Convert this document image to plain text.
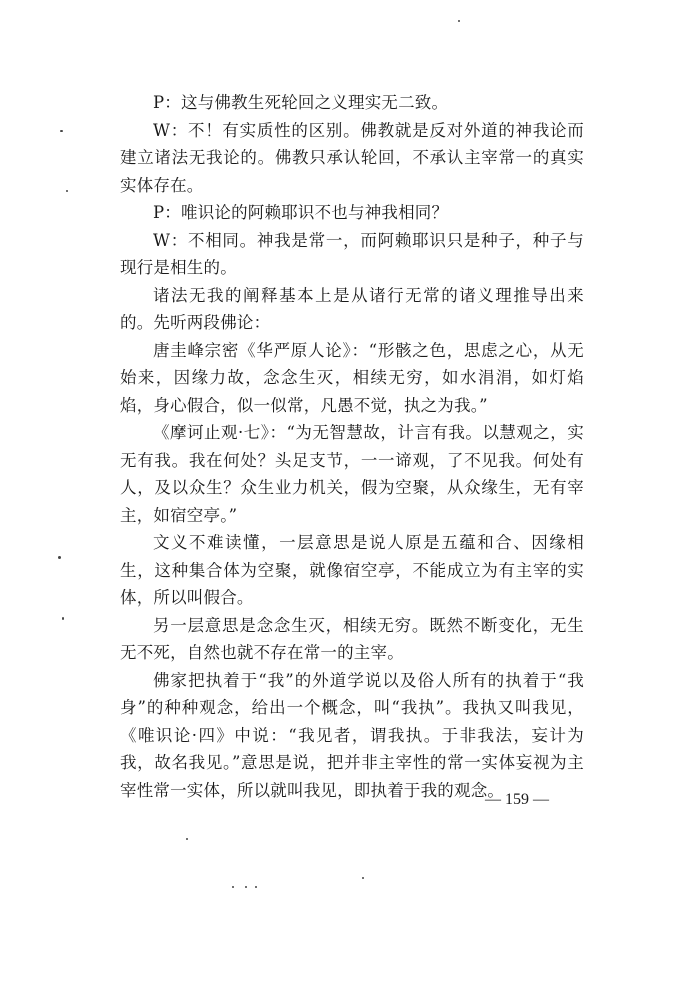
P：这与佛教生死轮回之义理实无二致。

W：不！有实质性的区别。佛教就是反对外道的神我论而建立诸法无我论的。佛教只承认轮回，不承认主宰常一的真实实体存在。

P：唯识论的阿赖耶识不也与神我相同？

W：不相同。神我是常一，而阿赖耶识只是种子，种子与现行是相生的。

诸法无我的阐释基本上是从诸行无常的诸义理推导出来的。先听两段佛论：

唐圭峰宗密《华严原人论》：“形骸之色，思虑之心，从无始来，因缘力故，念念生灭，相续无穷，如水涓涓，如灯焰焰，身心假合，似一似常，凡愚不觉，执之为我。”

《摩诃止观·七》：“为无智慧故，计言有我。以慧观之，实无有我。我在何处？头足支节，一一谛观，了不见我。何处有人，及以众生？众生业力机关，假为空聚，从众缘生，无有宰主，如宿空亭。”

文义不难读懂，一层意思是说人原是五蕴和合、因缘相生，这种集合体为空聚，就像宿空亭，不能成立为有主宰的实体，所以叫假合。

另一层意思是念念生灭，相续无穷。既然不断变化，无生无不死，自然也就不存在常一的主宰。

佛家把执着于“我”的外道学说以及俗人所有的执着于“我身”的种种观念，给出一个概念，叫“我执”。我执又叫我见，《唯识论·四》中说：“我见者，谓我执。于非我法，妄计为我，故名我见。”意思是说，把并非主宰性的常一实体妄视为主宰性常一实体，所以就叫我见，即执着于我的观念。

— 159 —
